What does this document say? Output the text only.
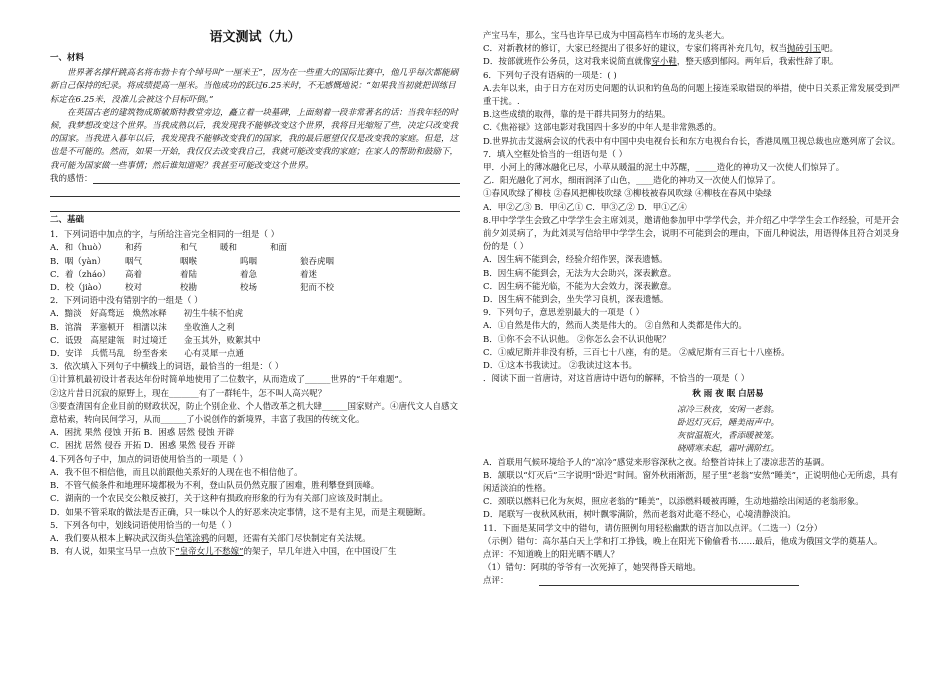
语文测试（九）
一、材料

世界著名撑杆跳高名将布勃卡有个绰号叫“一厘米王”，因为在一些重大的国际比赛中，他几乎每次都能刷新自己保持的纪录。将成绩提高一厘米。当他成功的跃过6.25米时，不无感慨地说：“如果我当初就把训练目标定在6.25米，没准儿会被这个目标吓倒。”

在英国古老的建筑物成斯敏斯特教堂旁边，矗立着一块墓碑，上面刻着一段非常著名的话：当我年轻的时候，我梦想改变这个世界。当我成熟以后，我发现我不能够改变这个世界，我将目光缩短了些，决定只改变我的国家。当我进入暮年以后，我发现我不能够改变我们的国家，我的最后愿望仅仅是改变我的家庭。但是，这也是不可能的。然而，如果一开始，我仅仅去改变我自己，我就可能改变我的家庭；在家人的帮助和鼓励下，我可能为国家做一些事情；然后谁知道呢？我甚至可能改变这个世界。

我的感悟：
二、基础
1．下列词语中加点的字，与所给注音完全相同的一组是（ ）
A．和（huò）	和药	和气	暖和	和面
B．咽（yàn）	咽气	咽喉	呜咽	狼吞虎咽
C．着（zháo）	高着	着陆	着急	着迷
D．校（jiào）	校对	校勘	校场	犯而不校
2．下列词语中没有错别字的一组是（ ）
A．黯淡　好高骛远　焕然冰释　　初生牛犊不怕虎
B．涫湍　茅塞顿开　相濡以沫　　坐收渔人之利
C．诋毁　高屋建瓴　时过境迁　　金玉其外，败絮其中
D．安详　兵慌马乱　纷至沓来　　心有灵犀一点通
3．依次填入下列句子中横线上的词语，最恰当的一组是：（ ）
①计算机最初设计者表达年份时简单地使用了二位数字，从而造成了______世界的“千年难题”。
②这片昔日沉寂的原野上，现在_______有了一群牦牛，怎不叫人高兴呢？
③要查清国有企业目前的财政状况，防止个别企业、个人借改革之机大肆______国家财产。④唐代文人自感文意枯索，转向民间学习，从而______了小说创作的新境界，丰富了我国的传统文化。
A．困扰 果然 侵蚀 开拓 B．困惑 居然 侵蚀 开辟
C．困扰 居然 侵吞 开拓 D．困惑 果然 侵吞 开辟
4.下列各句子中，加点的词语使用恰当的一项是（ ）
A．我不但不相信他，而且以前跟他关系好的人现在也不相信他了。
B．不管气候条件和地理环境都极为不利，登山队员仍然克服了困难，胜利攀登到顶峰。
C．湖南的一个农民交公粮反被打，关于这种有损政府形象的行为有关部门应该及时制止。
D．如果不管采取的做法是否正确，只一味以个人的好恶来决定事情，这不是有主见，而是主观臆断。
5．下列各句中，划线词语使用恰当的一句是（ ）
A．我们要从根本上解决武汉街头信笔涂鸦的问题，还需有关部门尽快制定有关法规。
B．有人说，如果宝马早一点放下“皇帝女儿不愁嫁”的架子，早几年进入中国，在中国设厂生
产宝马车，那么，宝马也许早已成为中国高档车市场的龙头老大。
C．对新教材的修订，大家已经提出了很多好的建议，专家们将再补充几句，权当抛砖引玉吧。
D．按部就班作公务员，这对我来说简直就像穿小鞋，整天感到郁闷。两年后，我索性辞了职。
6．下列句子没有语病的一项是：( )
A.去年以来，由于日方在对历史问题的认识和钓鱼岛的问题上接连采取错误的举措，使中日关系正常发展受到严重干扰。.
B.这些成绩的取得，靠的是干群共同努力的结果。
C.《焦裕禄》这部电影对我国四十多岁的中年人是非常熟悉的。
D.世界抗击艾滋病会议的代表中有中国中央电视台长和东方电视台台长，香港凤凰卫视总裁也应邀列席了会议。
7．填入空框处恰当的一组语句是（ ）
甲．小河上的薄冰融化已尽，小草从暖温的泥土中苏醒，_____造化的神功又一次使人们惊异了。
乙．阳光融化了河水，细雨润泽了山色，____造化的神功又一次使人们惊异了。
①春风吹绿了柳枝 ②春风把柳枝吹绿 ③柳枝被春风吹绿 ④柳枝在春风中染绿
A．甲②乙③ B．甲④乙① C．甲③乙② D．甲①乙④
8.甲中学学生会致乙中学学生会主席刘灵，邀请他参加甲中学学代会，并介绍乙中学学生会工作经验，可是开会前夕刘灵病了，为此刘灵写信给甲中学学生会，说明不可能到会的理由，下面几种说法，用语得体且符合刘灵身份的是（ ）
A．因生病不能到会，经验介绍作罢，深表遗憾。
B．因生病不能到会，无法为大会助兴，深表歉意。
C．因生病不能光临，不能为大会效力，深表歉意。
D．因生病不能到会，坐失学习良机，深表遗憾。
9．下列句子，意思差别最大的一项是（ ）
A．①自然是伟大的，然而人类是伟大的。 ②自然和人类都是伟大的。
B．①你不会不认识他。 ②你怎么会不认识他呢？
C．①威尼斯并非没有桥，三百七十八座，有的是。 ②威尼斯有三百七十八座桥。
D．①这本书我读过。 ②我读过这本书。
．阅读下面一首唐诗，对这首唐诗中语句的解释，不恰当的一项是（ ）
秋 雨 夜 眠 白居易
凉冷三秋夜，安闲一老翁。
卧迟灯灭后，睡美雨声中。
灰宿温瓶火，香添暖被笼。
晓晴寒未起，霜叶满阶红。
A．首联用气候环境给予人的“凉冷”感觉来形容深秋之夜。给整首诗抹上了凄凉悲苦的基调。
B．颔联以“灯灭后”三字说明“卧迟”时间。窗外秋雨淅沥，屋子里“老翁”安然“睡美”，正说明他心无所虑，具有闲适淡泊的性格。
C．颈联以燃料已化为灰烬，照应老翁的“睡美”，以添燃料暖被再睡，生动地描绘出闲适的老翁形象。
D．尾联写一夜秋风秋雨，树叶飘零满阶，然而老翁对此毫不经心，心境清静淡泊。
11．下面是某同学文中的错句，请仿照例句用轻松幽默的语言加以点评。（二选一）（2分）
（示例）错句：高尔基白天上学和打工挣钱，晚上在阳光下偷偷看书……最后，他成为俄国文学的奠基人。
点评：不知道晚上的阳光晒不晒人？
（1）错句：阿琪的爷爷有一次死掉了，她哭得昏天暗地。
点评：
